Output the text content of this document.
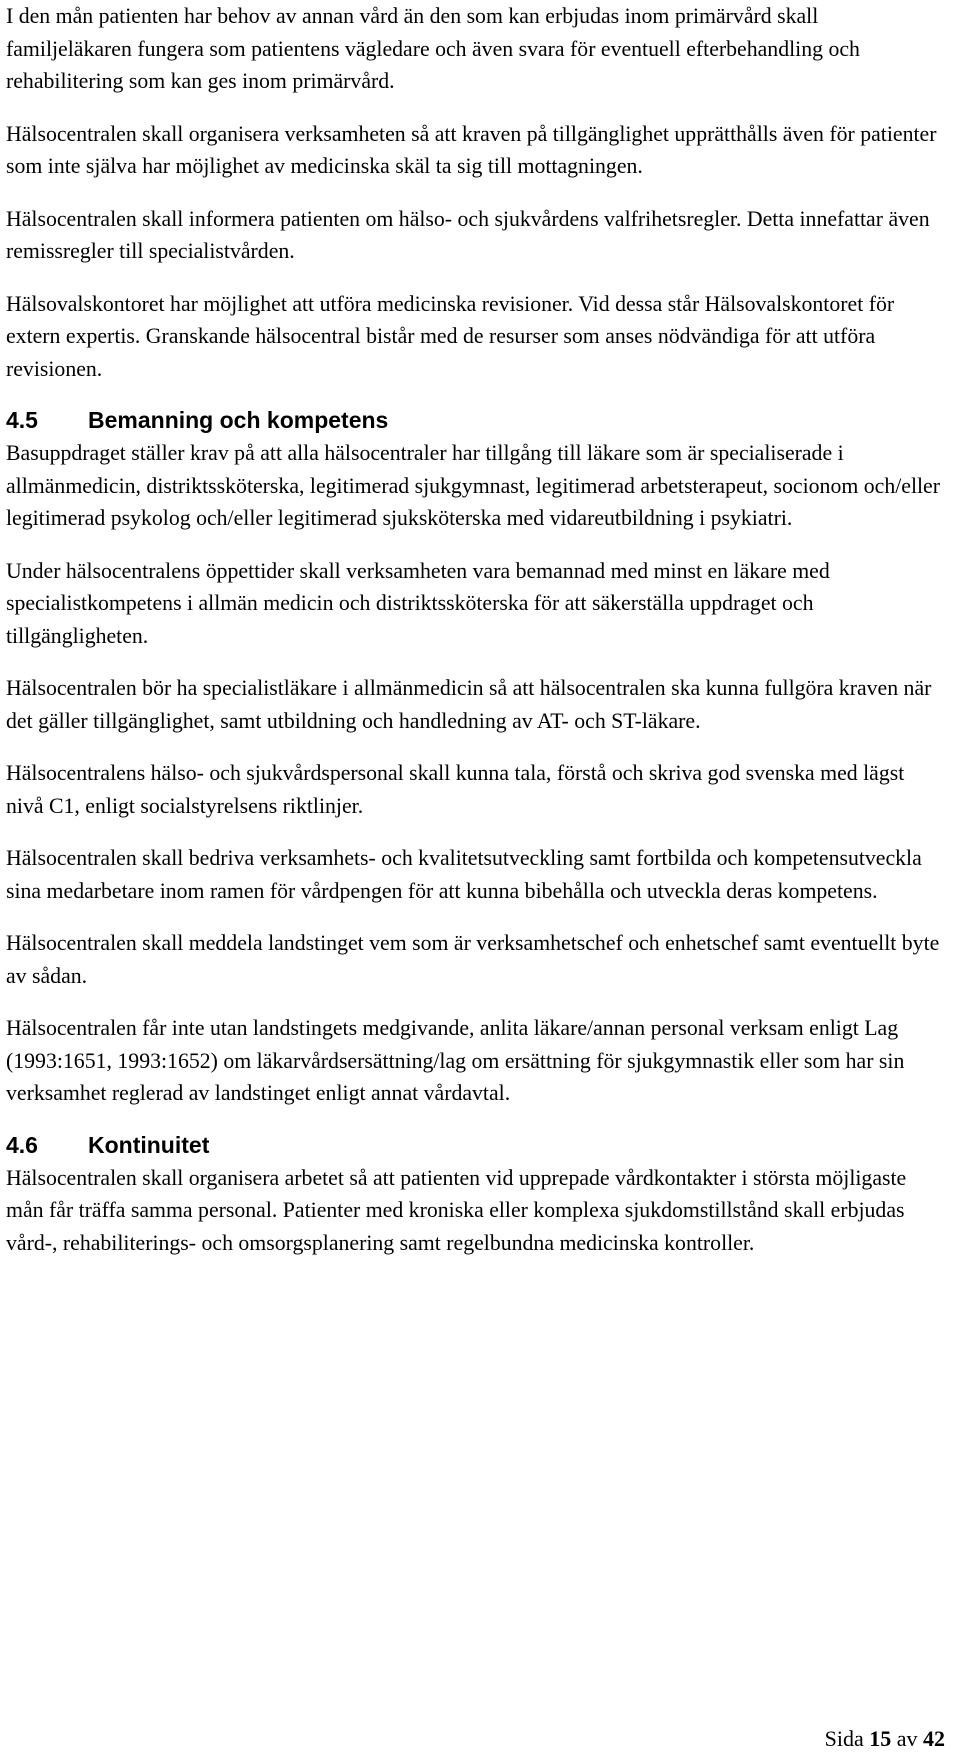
I den mån patienten har behov av annan vård än den som kan erbjudas inom primärvård skall familjeläkaren fungera som patientens vägledare och även svara för eventuell efterbehandling och rehabilitering som kan ges inom primärvård.

Hälsocentralen skall organisera verksamheten så att kraven på tillgänglighet upprätthålls även för patienter som inte själva har möjlighet av medicinska skäl ta sig till mottagningen.

Hälsocentralen skall informera patienten om hälso- och sjukvårdens valfrihetsregler. Detta innefattar även remissregler till specialistvården.

Hälsovalskontoret har möjlighet att utföra medicinska revisioner. Vid dessa står Hälsovalskontoret för extern expertis. Granskande hälsocentral bistår med de resurser som anses nödvändiga för att utföra revisionen.

4.5 Bemanning och kompetens

Basuppdraget ställer krav på att alla hälsocentraler har tillgång till läkare som är specialiserade i allmänmedicin, distriktssköterska, legitimerad sjukgymnast, legitimerad arbetsterapeut, socionom och/eller legitimerad psykolog och/eller legitimerad sjuksköterska med vidareutbildning i psykiatri.

Under hälsocentralens öppettider skall verksamheten vara bemannad med minst en läkare med specialistkompetens i allmän medicin och distriktssköterska för att säkerställa uppdraget och tillgängligheten.

Hälsocentralen bör ha specialistläkare i allmänmedicin så att hälsocentralen ska kunna fullgöra kraven när det gäller tillgänglighet, samt utbildning och handledning av AT- och ST-läkare.

Hälsocentralens hälso- och sjukvårdspersonal skall kunna tala, förstå och skriva god svenska med lägst nivå C1, enligt socialstyrelsens riktlinjer.

Hälsocentralen skall bedriva verksamhets- och kvalitetsutveckling samt fortbilda och kompetensutveckla sina medarbetare inom ramen för vårdpengen för att kunna bibehålla och utveckla deras kompetens.

Hälsocentralen skall meddela landstinget vem som är verksamhetschef och enhetschef samt eventuellt byte av sådan.

Hälsocentralen får inte utan landstingets medgivande, anlita läkare/annan personal verksam enligt Lag (1993:1651, 1993:1652) om läkarvårdsersättning/lag om ersättning för sjukgymnastik eller som har sin verksamhet reglerad av landstinget enligt annat vårdavtal.

4.6 Kontinuitet

Hälsocentralen skall organisera arbetet så att patienten vid upprepade vårdkontakter i största möjligaste mån får träffa samma personal. Patienter med kroniska eller komplexa sjukdomstillstånd skall erbjudas vård-, rehabiliterings- och omsorgsplanering samt regelbundna medicinska kontroller.

Sida 15 av 42
